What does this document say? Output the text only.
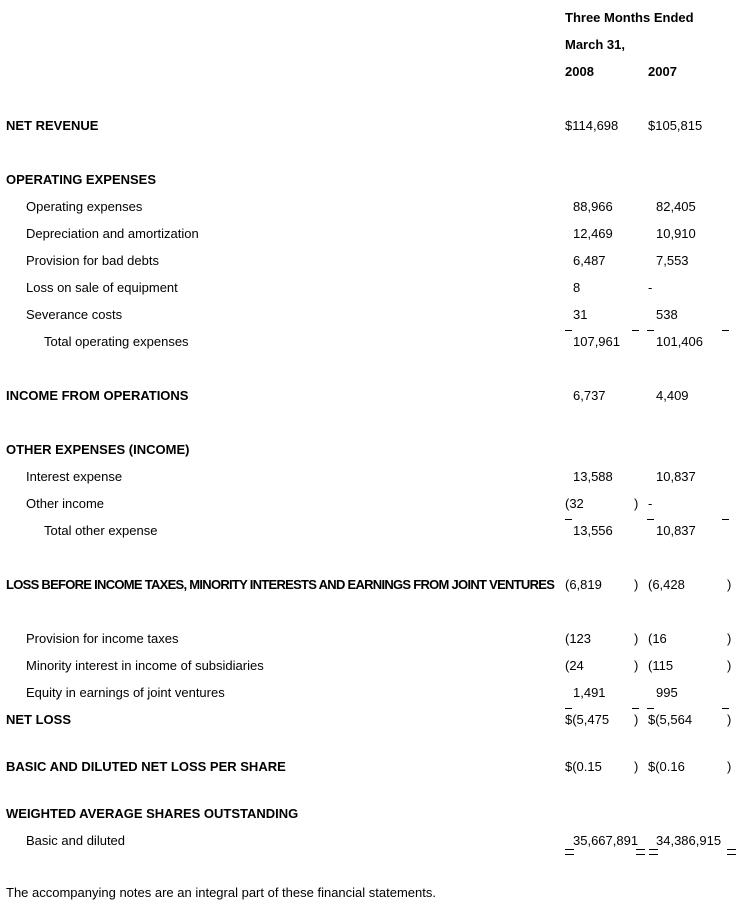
Three Months Ended
March 31,
2008	2007
NET REVENUE	$114,698 $105,815
OPERATING EXPENSES
Operating expenses	88,966	82,405
Depreciation and amortization	12,469	10,910
Provision for bad debts	6,487	7,553
Loss on sale of equipment	8	-
Severance costs	31	538
Total operating expenses	107,961	101,406
INCOME FROM OPERATIONS	6,737	4,409
OTHER EXPENSES (INCOME)
Interest expense	13,588	10,837
Other income	(32	) -
Total other expense	13,556	10,837
LOSS BEFORE INCOME TAXES, MINORITY INTERESTS AND EARNINGS FROM JOINT VENTURES (6,819 ) (6,428	)
Provision for income taxes	(123	) (16	)
Minority interest in income of subsidiaries	(24	) (115	)
Equity in earnings of joint ventures	1,491	995
NET LOSS	$(5,475 ) $(5,564	)
BASIC AND DILUTED NET LOSS PER SHARE	$(0.15 ) $(0.16	)
WEIGHTED AVERAGE SHARES OUTSTANDING
Basic and diluted	35,667,891 34,386,915
The accompanying notes are an integral part of these financial statements.
